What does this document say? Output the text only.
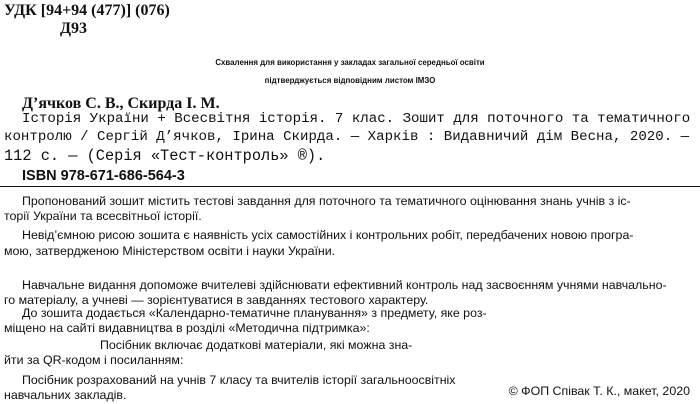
УДК [94+94 (477)] (076)
Д93
Схвалення для використання у закладах загальної середньої освіти
підтверджується відповідним листом ІМЗО
Д’ячков С. В., Скирда І. М.
Історія України + Всесвітня історія. 7 клас. Зошит для поточного та тематичного
контролю / Сергій Д’ячков, Ірина Скирда. — Харків : Видавничий дім Весна, 2020. —
112 с. — (Серія «Тест-контроль» ®).
ISBN 978-671-686-564-3
Пропонований зошит містить тестові завдання для поточного та тематичного оцінювання знань учнів з іс-
торії України та всесвітньої історії.
Невід’ємною рисою зошита є наявність усіх самостійних і контрольних робіт, передбачених новою програ-
мою, затвердженою Міністерством освіти і науки України.
Навчальне видання допоможе вчителеві здійснювати ефективний контроль над засвоєнням учнями навчально-
го матеріалу, а учневі — зорієнтуватися в завданнях тестового характеру.
До зошита додається «Календарно-тематичне планування» з предмету, яке роз-
міщено на сайті видавництва в розділі «Методична підтримка»:
Посібник включає додаткові матеріали, які можна зна-
йти за QR-кодом і посиланням:
Посібник розрахований на учнів 7 класу та вчителів історії загальноосвітніх
навчальних закладів.	© ФОП Співак Т. К., макет, 2020
